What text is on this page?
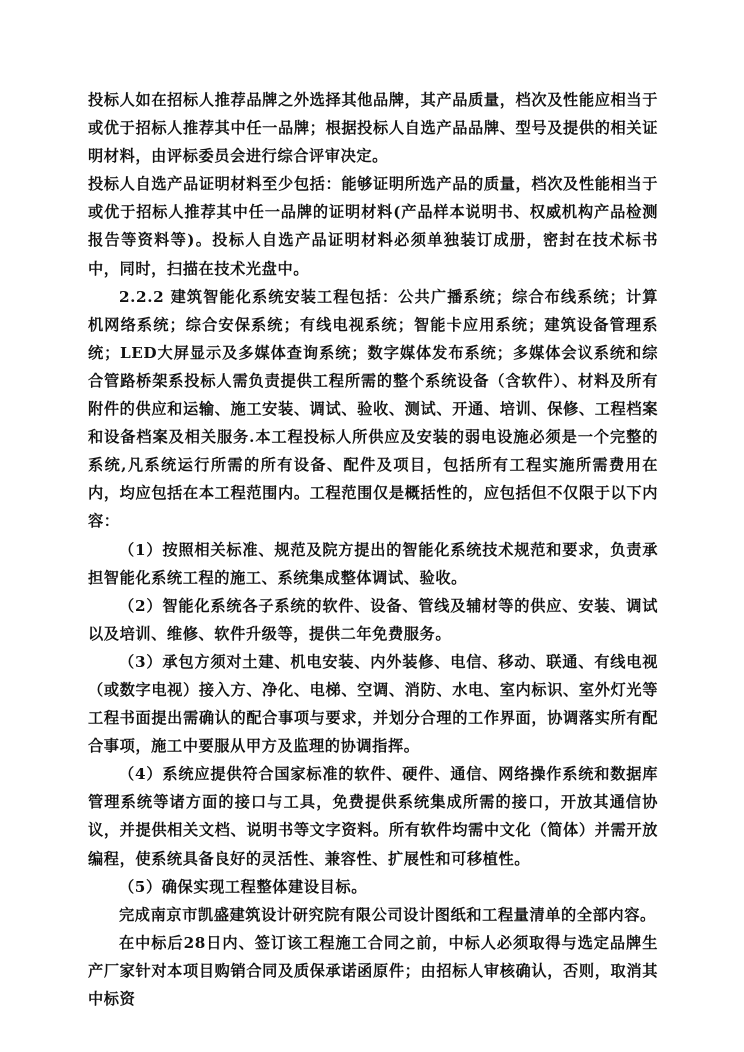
投标人如在招标人推荐品牌之外选择其他品牌，其产品质量，档次及性能应相当于或优于招标人推荐其中任一品牌；根据投标人自选产品品牌、型号及提供的相关证明材料，由评标委员会进行综合评审决定。

投标人自选产品证明材料至少包括：能够证明所选产品的质量，档次及性能相当于或优于招标人推荐其中任一品牌的证明材料(产品样本说明书、权威机构产品检测报告等资料等)。投标人自选产品证明材料必须单独装订成册，密封在技术标书中，同时，扫描在技术光盘中。

2.2.2 建筑智能化系统安装工程包括：公共广播系统；综合布线系统；计算机网络系统；综合安保系统；有线电视系统；智能卡应用系统；建筑设备管理系统；LED大屏显示及多媒体查询系统；数字媒体发布系统；多媒体会议系统和综合管路桥架系投标人需负责提供工程所需的整个系统设备（含软件）、材料及所有附件的供应和运输、施工安装、调试、验收、测试、开通、培训、保修、工程档案和设备档案及相关服务.本工程投标人所供应及安装的弱电设施必须是一个完整的系统,凡系统运行所需的所有设备、配件及项目，包括所有工程实施所需费用在内，均应包括在本工程范围内。工程范围仅是概括性的，应包括但不仅限于以下内容：

（1）按照相关标准、规范及院方提出的智能化系统技术规范和要求，负责承担智能化系统工程的施工、系统集成整体调试、验收。

（2）智能化系统各子系统的软件、设备、管线及辅材等的供应、安装、调试以及培训、维修、软件升级等，提供二年免费服务。

（3）承包方须对土建、机电安装、内外装修、电信、移动、联通、有线电视（或数字电视）接入方、净化、电梯、空调、消防、水电、室内标识、室外灯光等工程书面提出需确认的配合事项与要求，并划分合理的工作界面，协调落实所有配合事项，施工中要服从甲方及监理的协调指挥。

（4）系统应提供符合国家标准的软件、硬件、通信、网络操作系统和数据库管理系统等诸方面的接口与工具，免费提供系统集成所需的接口，开放其通信协议，并提供相关文档、说明书等文字资料。所有软件均需中文化（简体）并需开放编程，使系统具备良好的灵活性、兼容性、扩展性和可移植性。

（5）确保实现工程整体建设目标。

完成南京市凯盛建筑设计研究院有限公司设计图纸和工程量清单的全部内容。

在中标后28日内、签订该工程施工合同之前，中标人必须取得与选定品牌生产厂家针对本项目购销合同及质保承诺函原件；由招标人审核确认，否则，取消其中标资
